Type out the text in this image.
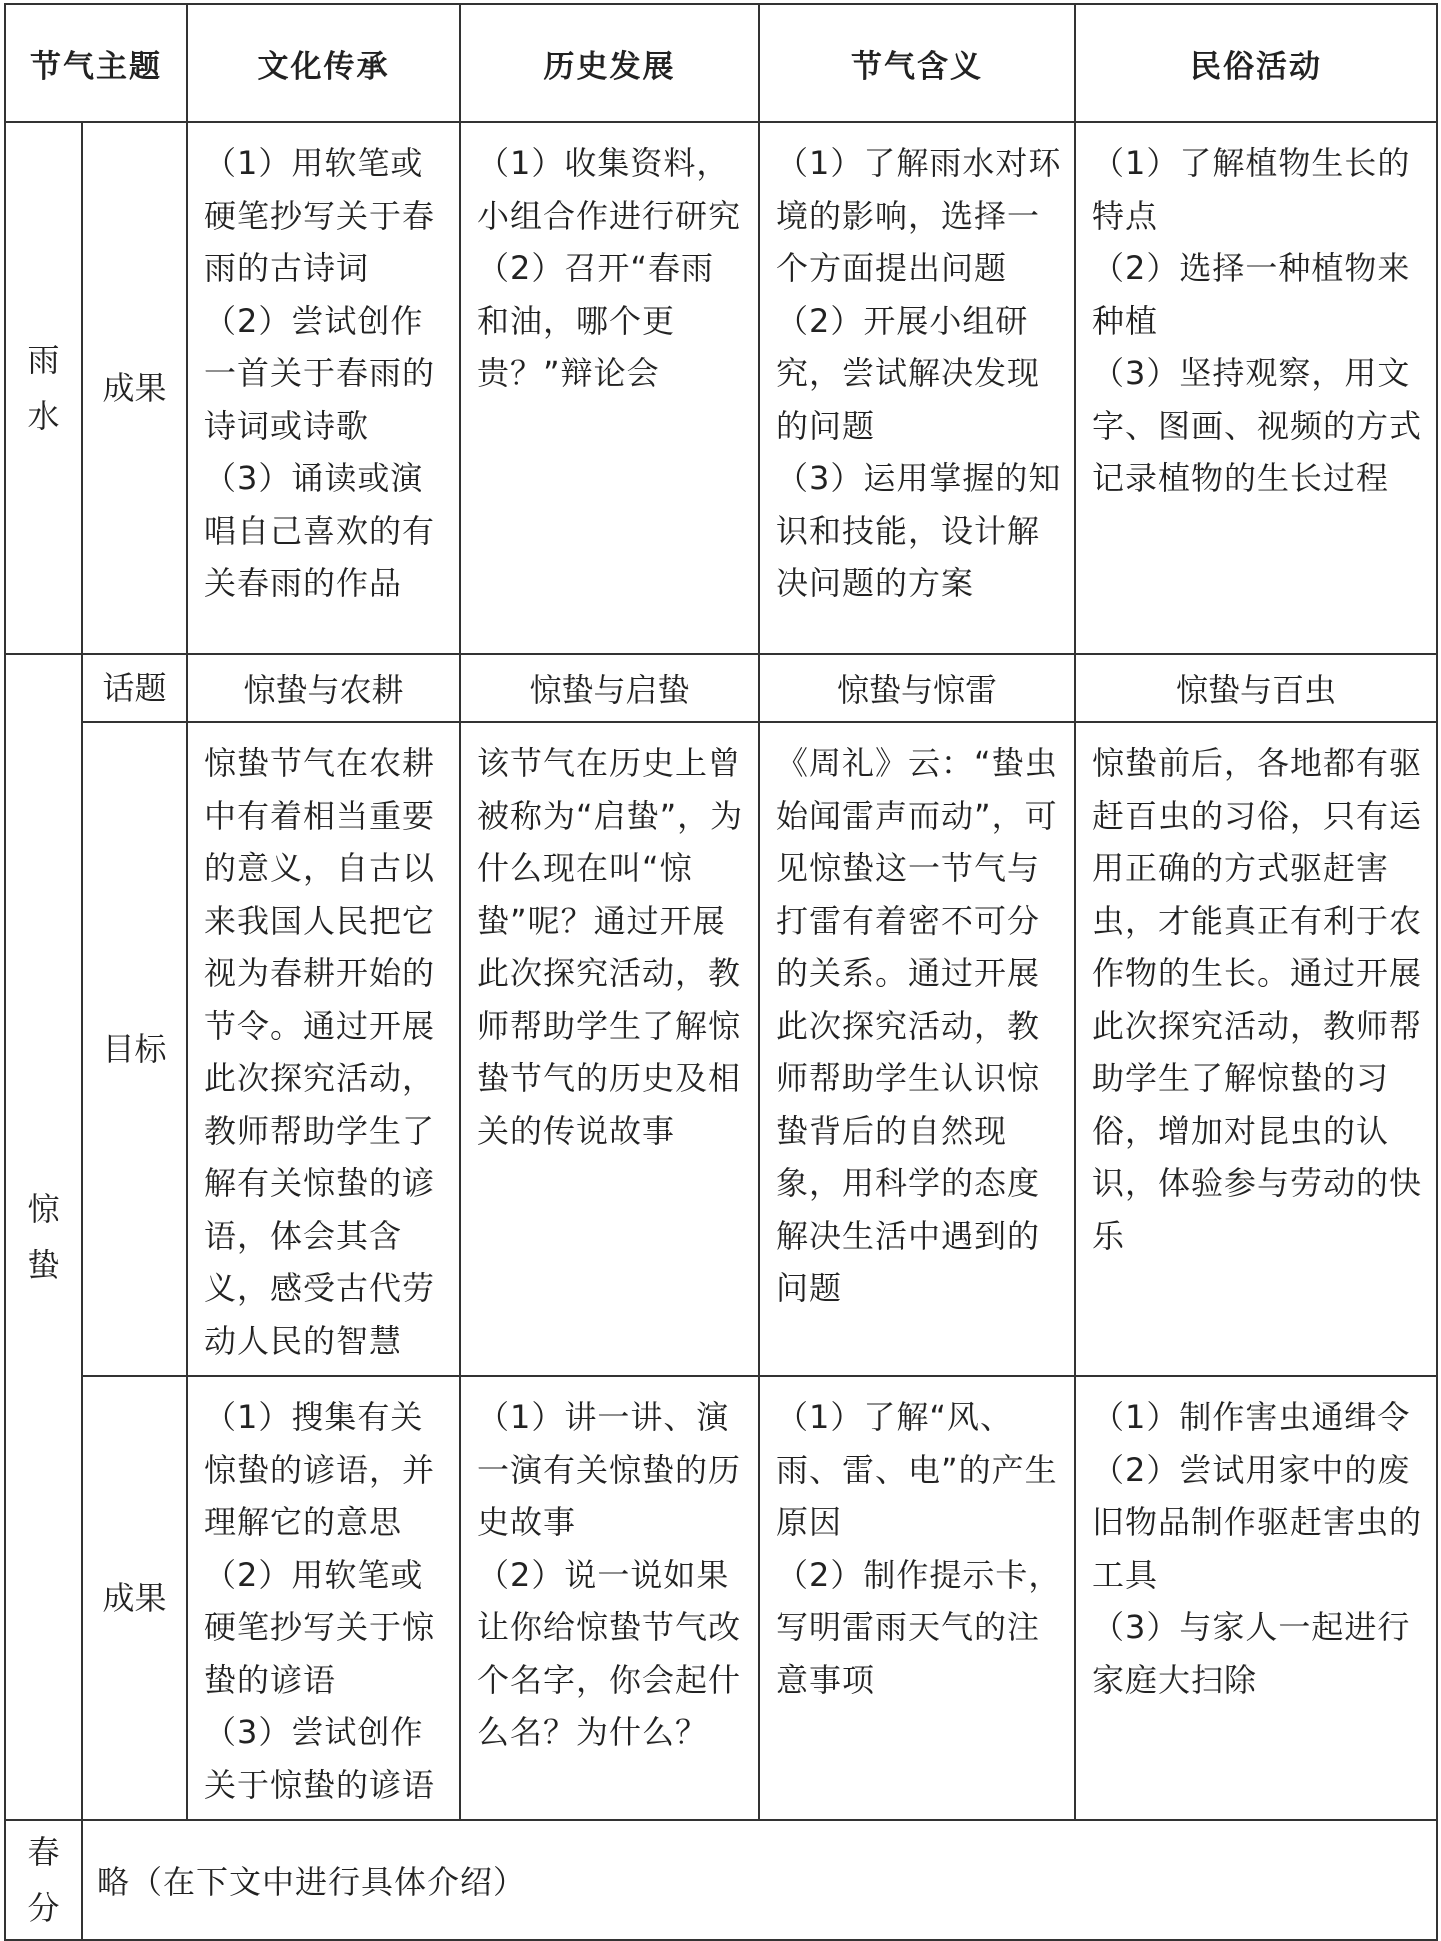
节气主题		文化传承	历史发展	节气含义	民俗活动
雨
水	成果	（1）用软笔或硬笔抄写关于春雨的古诗词
（2）尝试创作一首关于春雨的诗词或诗歌
（3）诵读或演唱自己喜欢的有关春雨的作品	（1）收集资料，小组合作进行研究
（2）召开“春雨和油，哪个更贵？”辩论会	（1）了解雨水对环境的影响，选择一个方面提出问题
（2）开展小组研究，尝试解决发现的问题
（3）运用掌握的知识和技能，设计解决问题的方案	（1）了解植物生长的特点
（2）选择一种植物来种植
（3）坚持观察，用文字、图画、视频的方式记录植物的生长过程
惊
蛰	话题	惊蛰与农耕	惊蛰与启蛰	惊蛰与惊雷	惊蛰与百虫
	目标	惊蛰节气在农耕中有着相当重要的意义，自古以来我国人民把它视为春耕开始的节令。通过开展此次探究活动，教师帮助学生了解有关惊蛰的谚语，体会其含义，感受古代劳动人民的智慧	该节气在历史上曾被称为“启蛰”，为什么现在叫“惊蛰”呢？通过开展此次探究活动，教师帮助学生了解惊蛰节气的历史及相关的传说故事	《周礼》云：“蛰虫始闻雷声而动”，可见惊蛰这一节气与打雷有着密不可分的关系。通过开展此次探究活动，教师帮助学生认识惊蛰背后的自然现象，用科学的态度解决生活中遇到的问题	惊蛰前后，各地都有驱赶百虫的习俗，只有运用正确的方式驱赶害虫，才能真正有利于农作物的生长。通过开展此次探究活动，教师帮助学生了解惊蛰的习俗，增加对昆虫的认识，体验参与劳动的快乐
	成果	（1）搜集有关惊蛰的谚语，并理解它的意思
（2）用软笔或硬笔抄写关于惊蛰的谚语
（3）尝试创作关于惊蛰的谚语	（1）讲一讲、演一演有关惊蛰的历史故事
（2）说一说如果让你给惊蛰节气改个名字，你会起什么名？为什么？	（1）了解“风、雨、雷、电”的产生原因
（2）制作提示卡，写明雷雨天气的注意事项	（1）制作害虫通缉令
（2）尝试用家中的废旧物品制作驱赶害虫的工具
（3）与家人一起进行家庭大扫除
春
分	略（在下文中进行具体介绍）				
